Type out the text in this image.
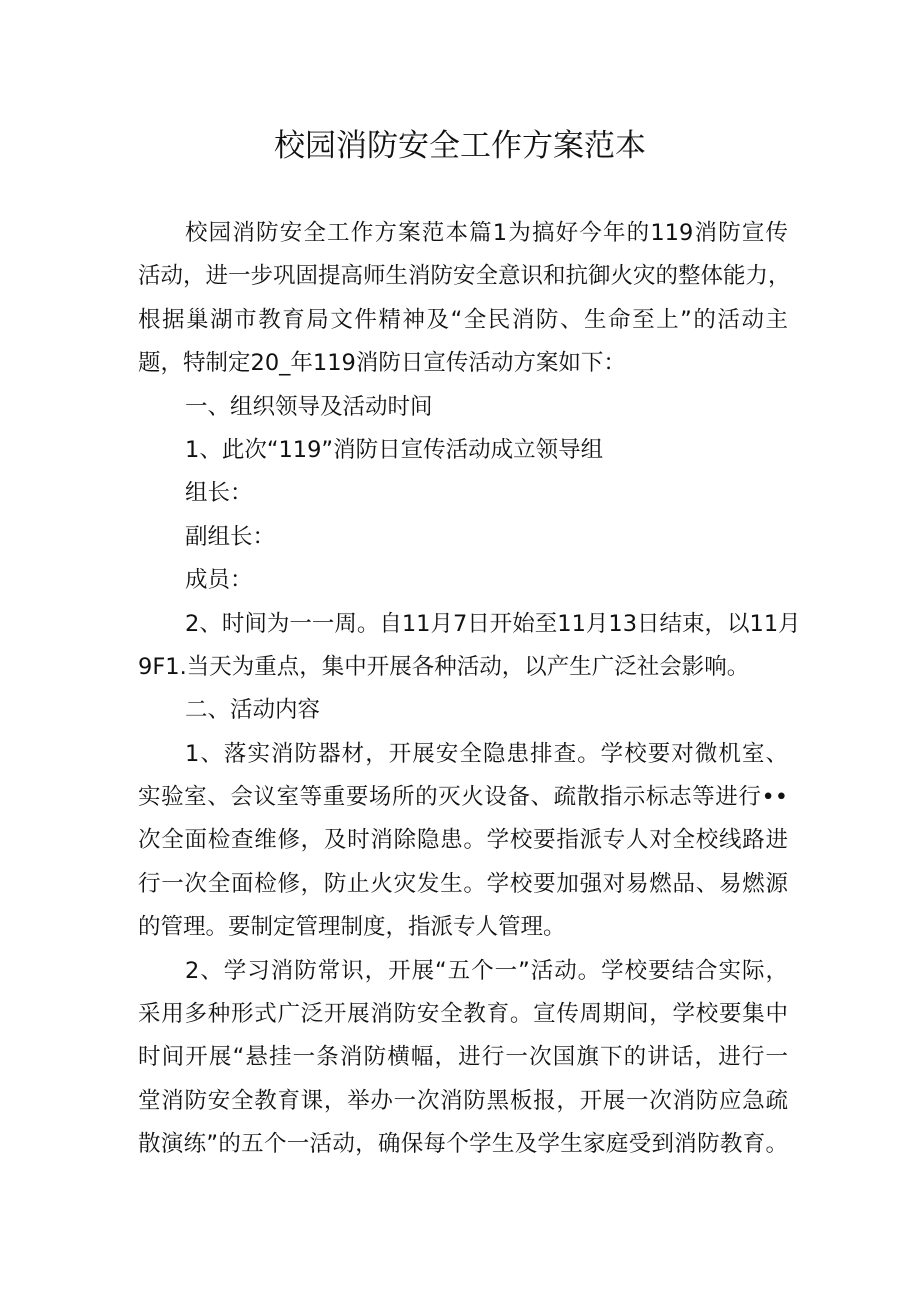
校园消防安全工作方案范本
校园消防安全工作方案范本篇1为搞好今年的119消防宣传
活动，进一步巩固提高师生消防安全意识和抗御火灾的整体能力，
根据巢湖市教育局文件精神及“全民消防、生命至上”的活动主
题，特制定20_年119消防日宣传活动方案如下：
一、组织领导及活动时间
1、此次“119”消防日宣传活动成立领导组
组长：
副组长：
成员：
2、时间为一一周。自11月7日开始至11月13日结束，以11月
9F1.当天为重点，集中开展各种活动，以产生广泛社会影响。
二、活动内容
1、落实消防器材，开展安全隐患排查。学校要对微机室、
实验室、会议室等重要场所的灭火设备、疏散指示标志等进行••
次全面检查维修，及时消除隐患。学校要指派专人对全校线路进
行一次全面检修，防止火灾发生。学校要加强对易燃品、易燃源
的管理。要制定管理制度，指派专人管理。
2、学习消防常识，开展“五个一”活动。学校要结合实际，
采用多种形式广泛开展消防安全教育。宣传周期间，学校要集中
时间开展“悬挂一条消防横幅，进行一次国旗下的讲话，进行一
堂消防安全教育课，举办一次消防黑板报，开展一次消防应急疏
散演练”的五个一活动，确保每个学生及学生家庭受到消防教育。
